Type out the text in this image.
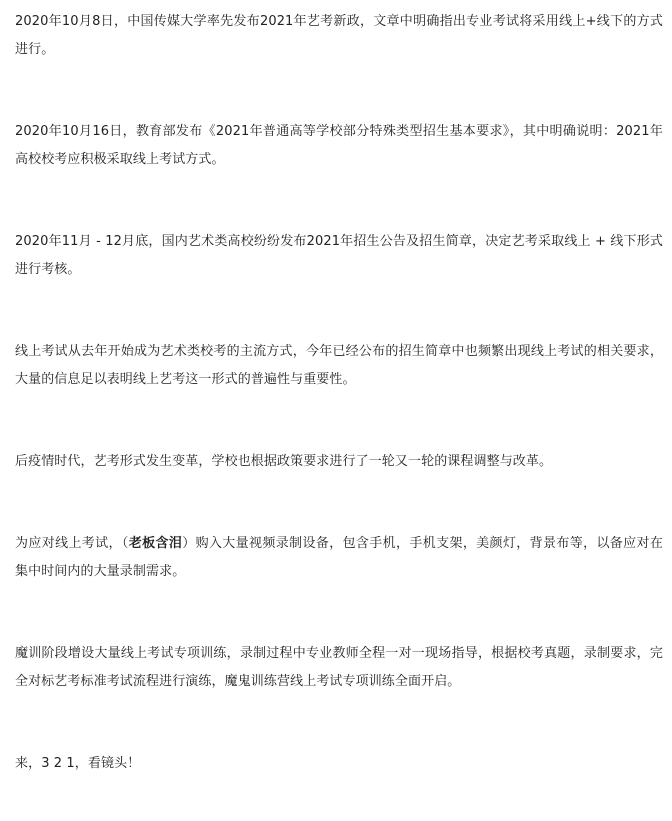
2020年10月8日，中国传媒大学率先发布2021年艺考新政，文章中明确指出专业考试将采用线上+线下的方式进行。

2020年10月16日，教育部发布《2021年普通高等学校部分特殊类型招生基本要求》，其中明确说明：2021年高校校考应积极采取线上考试方式。

2020年11月 - 12月底，国内艺术类高校纷纷发布2021年招生公告及招生简章，决定艺考采取线上 + 线下形式进行考核。

线上考试从去年开始成为艺术类校考的主流方式，今年已经公布的招生简章中也频繁出现线上考试的相关要求，大量的信息足以表明线上艺考这一形式的普遍性与重要性。

后疫情时代，艺考形式发生变革，学校也根据政策要求进行了一轮又一轮的课程调整与改革。

为应对线上考试，（老板含泪）购入大量视频录制设备，包含手机，手机支架，美颜灯，背景布等，以备应对在集中时间内的大量录制需求。

魔训阶段增设大量线上考试专项训练，录制过程中专业教师全程一对一现场指导，根据校考真题，录制要求，完全对标艺考标准考试流程进行演练，魔鬼训练营线上考试专项训练全面开启。

来，3 2 1，看镜头！
